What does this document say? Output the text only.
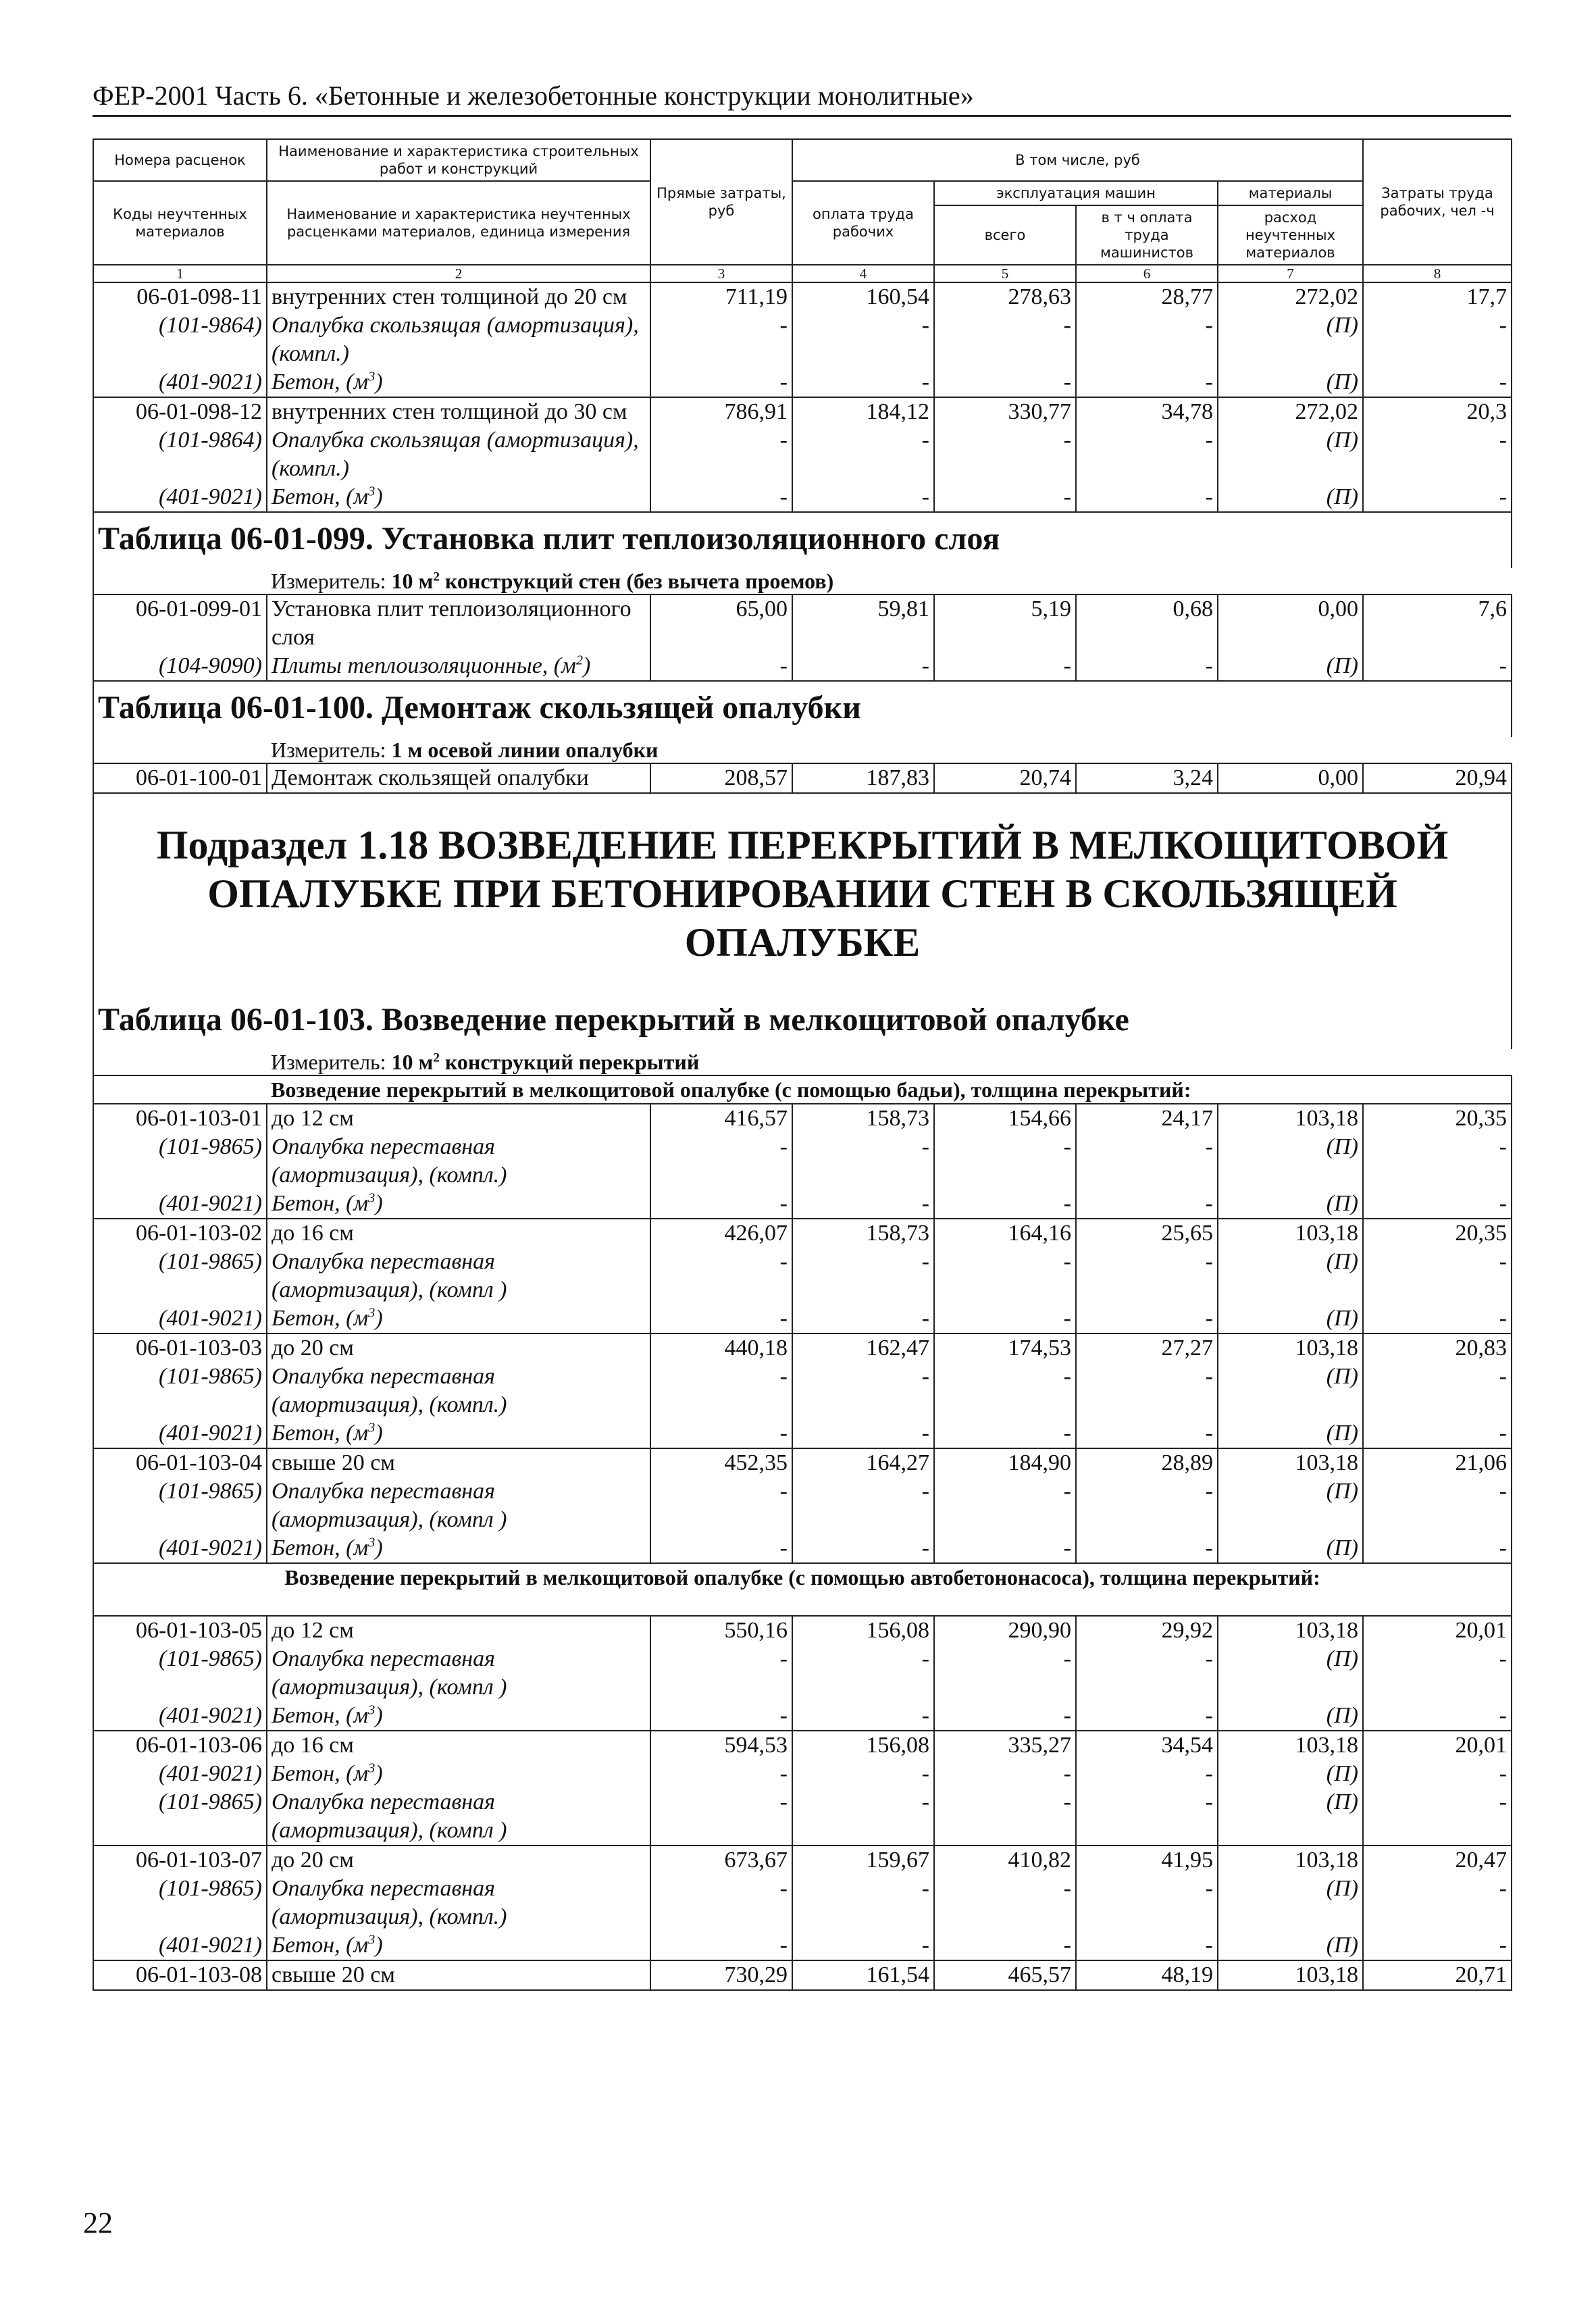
ФЕР-2001 Часть 6. «Бетонные и железобетонные конструкции монолитные»
Номера расценок	Наименование и характеристика строительных работ и конструкций	Прямые затраты, руб	В том числе, руб				Затраты труда рабочих, чел -ч
Коды неучтенных материалов	Наименование и характеристика неучтенных расценками материалов, единица измерения		оплата труда рабочих	эксплуатация машин		материалы	
				всего	в т ч оплата труда машинистов	расход неучтенных материалов	
1	2	3	4	5	6	7	8
06-01-098-11	внутренних стен толщиной до 20 см	711,19	160,54	278,63	28,77	272,02	17,7
(101-9864)	Опалубка скользящая (амортизация), (компл.)	-	-	-	-	(П)	-
(401-9021)	Бетон, $(м^3)$	-	-	-	-	(П)	-
06-01-098-12	внутренних стен толщиной до 30 см	786,91	184,12	330,77	34,78	272,02	20,3
(101-9864)	Опалубка скользящая (амортизация), (компл.)	-	-	-	-	(П)	-
(401-9021)	Бетон, $(м^3)$	-	-	-	-	(П)	-
Таблица 06-01-099. Установка плит теплоизоляционного слоя							
Измеритель: 10 $м^2$ конструкций стен (без вычета проемов)							
06-01-099-01	Установка плит теплоизоляционного слоя	65,00	59,81	5,19	0,68	0,00	7,6
(104-9090)	Плиты теплоизоляционные, $(м^2)$	-	-	-	-	(П)	-
Таблица 06-01-100. Демонтаж скользящей опалубки							
Измеритель: 1 м осевой линии опалубки							
06-01-100-01	Демонтаж скользящей опалубки	208,57	187,83	20,74	3,24	0,00	20,94
Подраздел 1.18 ВОЗВЕДЕНИЕ ПЕРЕКРЫТИЙ В МЕЛКОЩИТОВОЙ
ОПАЛУБКЕ ПРИ БЕТОНИРОВАНИИ СТЕН В СКОЛЬЗЯЩЕЙ ОПАЛУБКЕ							
Таблица 06-01-103. Возведение перекрытий в мелкощитовой опалубке							
Измеритель: 10 $м^2$ конструкций перекрытий							
Возведение перекрытий в мелкощитовой опалубке (с помощью бадьи), толщина перекрытий:							
06-01-103-01	до 12 см	416,57	158,73	154,66	24,17	103,18	20,35
(101-9865)	Опалубка переставная (амортизация), (компл.)	-	-	-	-	(П)	-
(401-9021)	Бетон, $(м^3)$	-	-	-	-	(П)	-
06-01-103-02	до 16 см	426,07	158,73	164,16	25,65	103,18	20,35
(101-9865)	Опалубка переставная (амортизация), (компл )	-	-	-	-	(П)	-
(401-9021)	Бетон, $(м^3)$	-	-	-	-	(П)	-
06-01-103-03	до 20 см	440,18	162,47	174,53	27,27	103,18	20,83
(101-9865)	Опалубка переставная (амортизация), (компл.)	-	-	-	-	(П)	-
(401-9021)	Бетон, $(м^3)$	-	-	-	-	(П)	-
06-01-103-04	свыше 20 см	452,35	164,27	184,90	28,89	103,18	21,06
(101-9865)	Опалубка переставная (амортизация), (компл )	-	-	-	-	(П)	-
(401-9021)	Бетон, $(м^3)$	-	-	-	-	(П)	-
Возведение перекрытий в мелкощитовой опалубке (с помощью автобетононасоса), толщина перекрытий:							
06-01-103-05	до 12 см	550,16	156,08	290,90	29,92	103,18	20,01
(101-9865)	Опалубка переставная (амортизация), (компл )	-	-	-	-	(П)	-
(401-9021)	Бетон, $(м^3)$	-	-	-	-	(П)	-
06-01-103-06	до 16 см	594,53	156,08	335,27	34,54	103,18	20,01
(401-9021)	Бетон, $(м^3)$	-	-	-	-	(П)	-
(101-9865)	Опалубка переставная (амортизация), (компл )	-	-	-	-	(П)	-
06-01-103-07	до 20 см	673,67	159,67	410,82	41,95	103,18	20,47
(101-9865)	Опалубка переставная (амортизация), (компл.)	-	-	-	-	(П)	-
(401-9021)	Бетон, $(м^3)$	-	-	-	-	(П)	-
06-01-103-08	свыше 20 см	730,29	161,54	465,57	48,19	103,18	20,71
22
